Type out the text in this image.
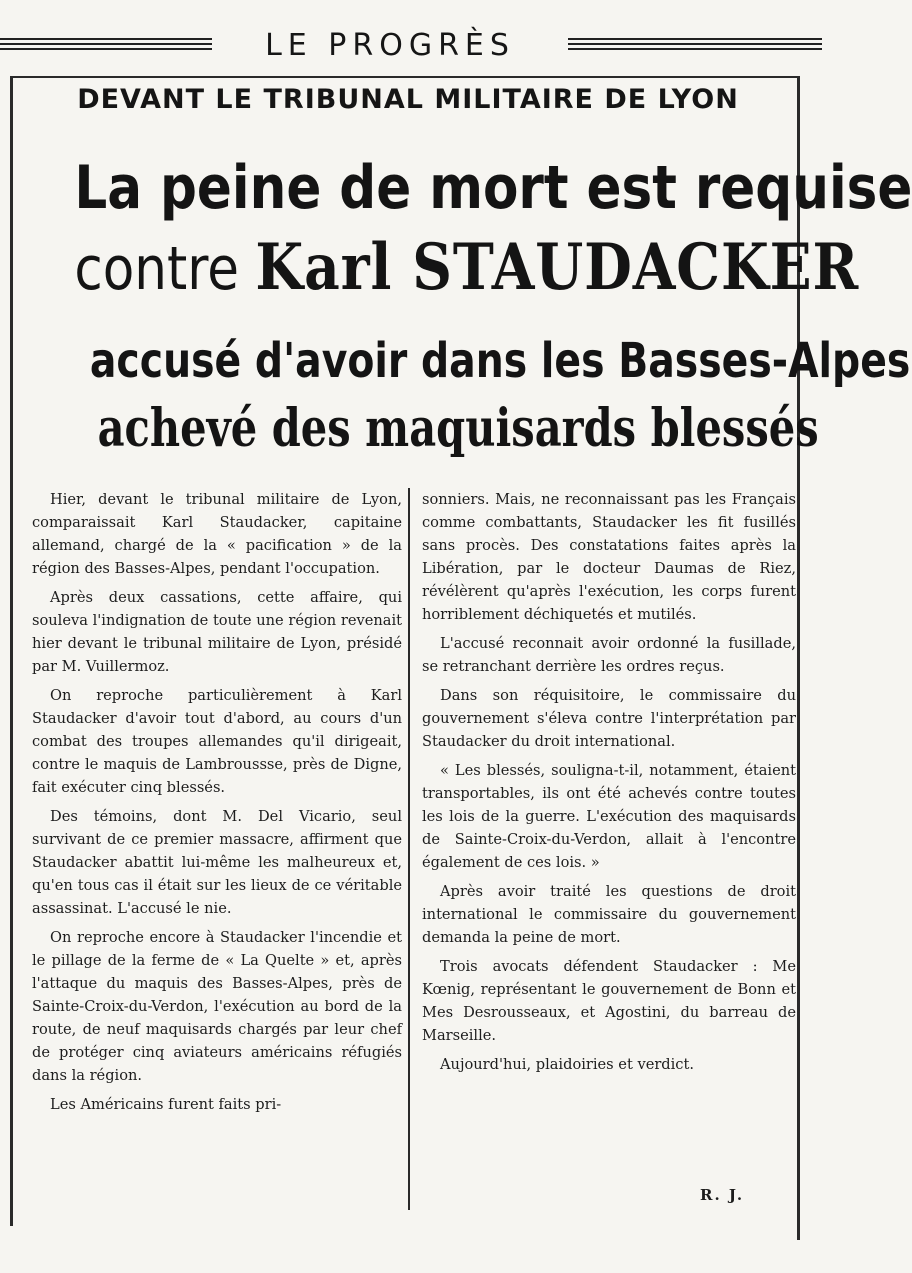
LE PROGRÈS
DEVANT LE TRIBUNAL MILITAIRE DE LYON
La peine de mort est requise
contre Karl STAUDACKER
accusé d'avoir dans les Basses-Alpes
achevé des maquisards blessés

Hier, devant le tribunal militaire de Lyon, comparaissait Karl Staudacker, capitaine allemand, chargé de la « pacification » de la région des Basses-Alpes, pendant l'occupation.

Après deux cassations, cette affaire, qui souleva l'indignation de toute une région revenait hier devant le tribunal militaire de Lyon, présidé par M. Vuillermoz.

On reproche particulièrement à Karl Staudacker d'avoir tout d'abord, au cours d'un combat des troupes allemandes qu'il dirigeait, contre le maquis de Lambroussse, près de Digne, fait exécuter cinq blessés.

Des témoins, dont M. Del Vicario, seul survivant de ce premier massacre, affirment que Staudacker abattit lui-même les malheureux et, qu'en tous cas il était sur les lieux de ce véritable assassinat. L'accusé le nie.

On reproche encore à Staudacker l'incendie et le pillage de la ferme de « La Quelte » et, après l'attaque du maquis des Basses-Alpes, près de Sainte-Croix-du-Verdon, l'exécution au bord de la route, de neuf maquisards chargés par leur chef de protéger cinq aviateurs américains réfugiés dans la région.

Les Américains furent faits pri-

sonniers. Mais, ne reconnaissant pas les Français comme combattants, Staudacker les fit fusillés sans procès. Des constatations faites après la Libération, par le docteur Daumas de Riez, révélèrent qu'après l'exécution, les corps furent horriblement déchiquetés et mutilés.

L'accusé reconnait avoir ordonné la fusillade, se retranchant derrière les ordres reçus.

Dans son réquisitoire, le commissaire du gouvernement s'éleva contre l'interprétation par Staudacker du droit international.

« Les blessés, souligna-t-il, notamment, étaient transportables, ils ont été achevés contre toutes les lois de la guerre. L'exécution des maquisards de Sainte-Croix-du-Verdon, allait à l'encontre également de ces lois. »

Après avoir traité les questions de droit international le commissaire du gouvernement demanda la peine de mort.

Trois avocats défendent Staudacker : Me Kœnig, représentant le gouvernement de Bonn et Mes Desrousseaux, et Agostini, du barreau de Marseille.

Aujourd'hui, plaidoiries et verdict.

R. J.
